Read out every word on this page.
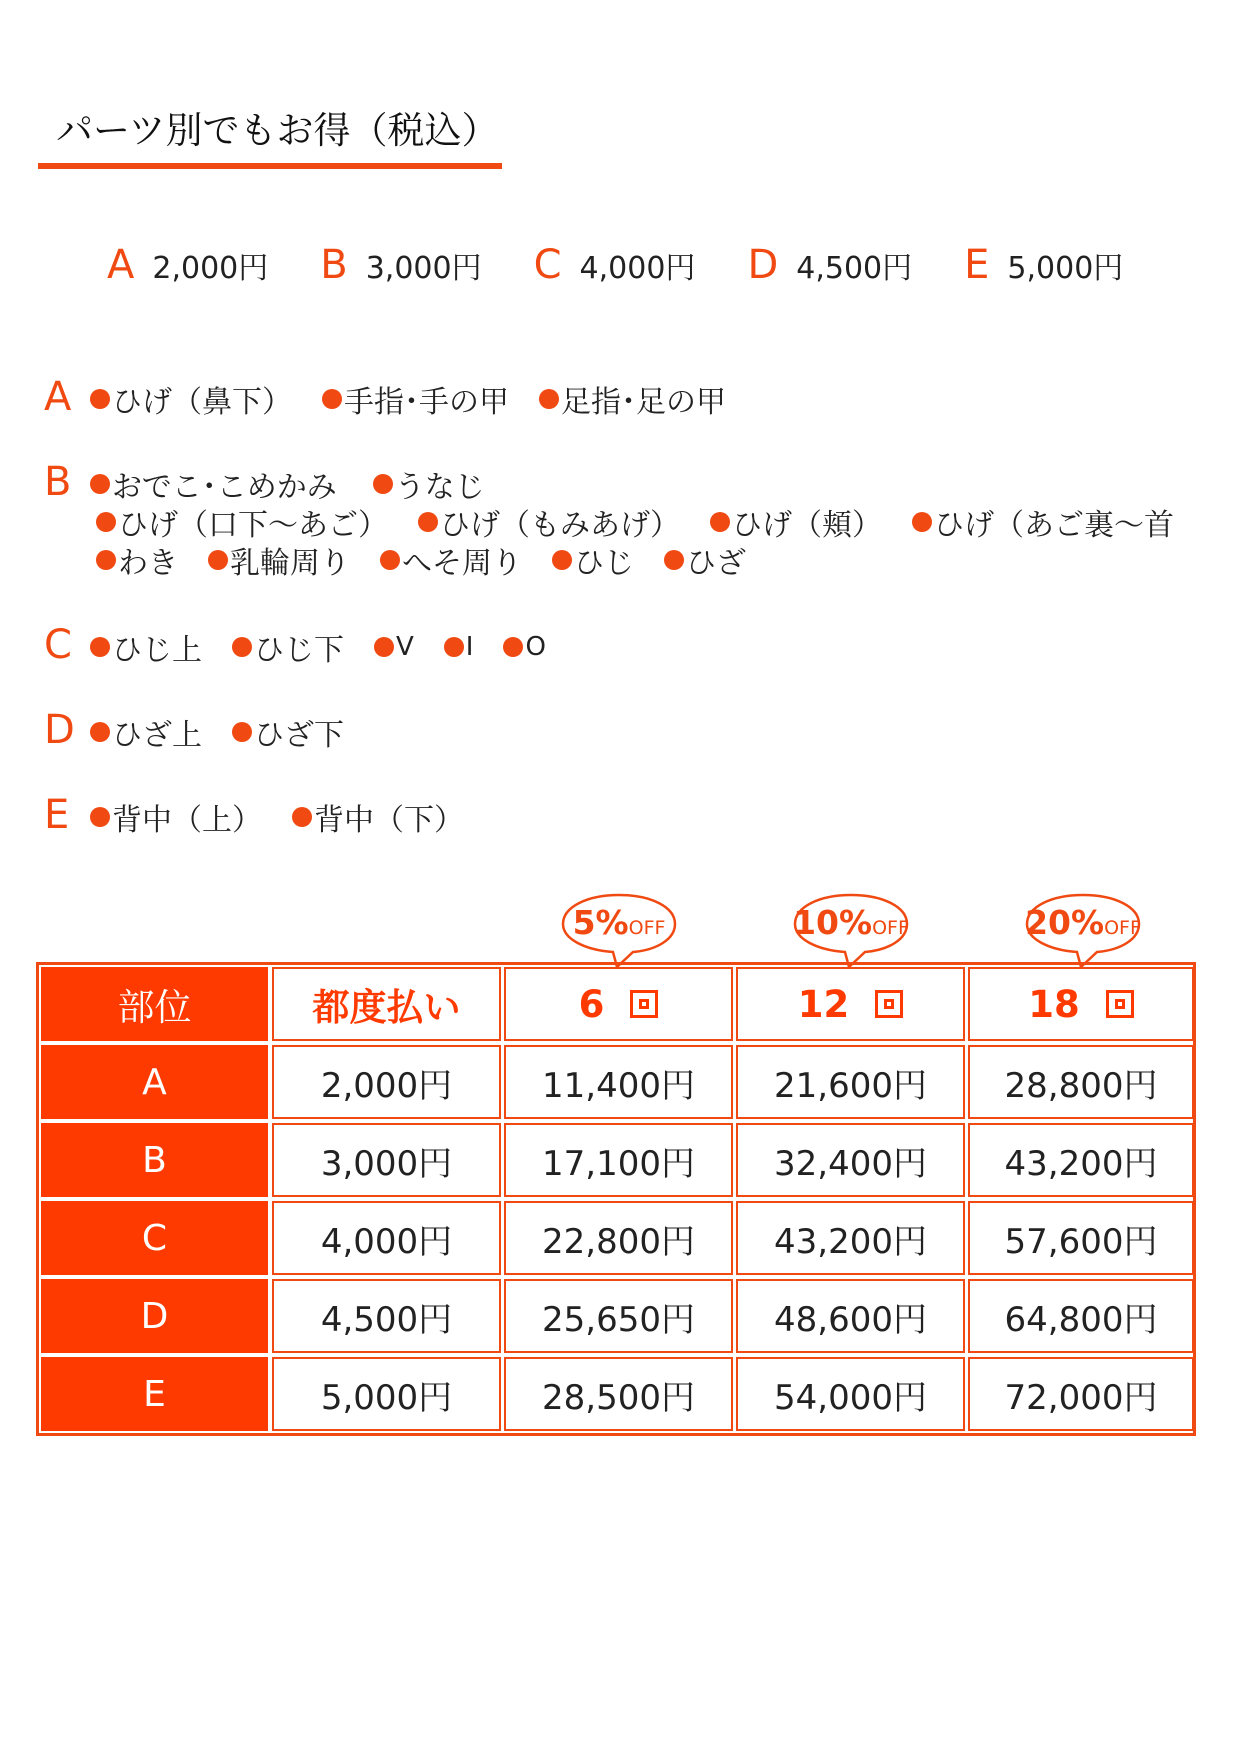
パーツ別でもお得（税込）
A 2,000円 B 3,000円 C 4,000円 D 4,500円 E 5,000円
A ひげ（鼻下） 手指･手の甲 足指･足の甲
B おでこ･こめかみ うなじ
ひげ（口下～あご） ひげ（もみあげ） ひげ（頬） ひげ（あご裏～首
わき 乳輪周り へそ周り ひじ ひざ
C ひじ上 ひじ下 V I O
D ひざ上 ひざ下
E 背中（上） 背中（下）
5%OFF	10%OFF	20%OFF
部位	都度払い	6	12	18
A	2,000円	11,400円	21,600円	28,800円
B	3,000円	17,100円	32,400円	43,200円
C	4,000円	22,800円	43,200円	57,600円
D	4,500円	25,650円	48,600円	64,800円
E	5,000円	28,500円	54,000円	72,000円
